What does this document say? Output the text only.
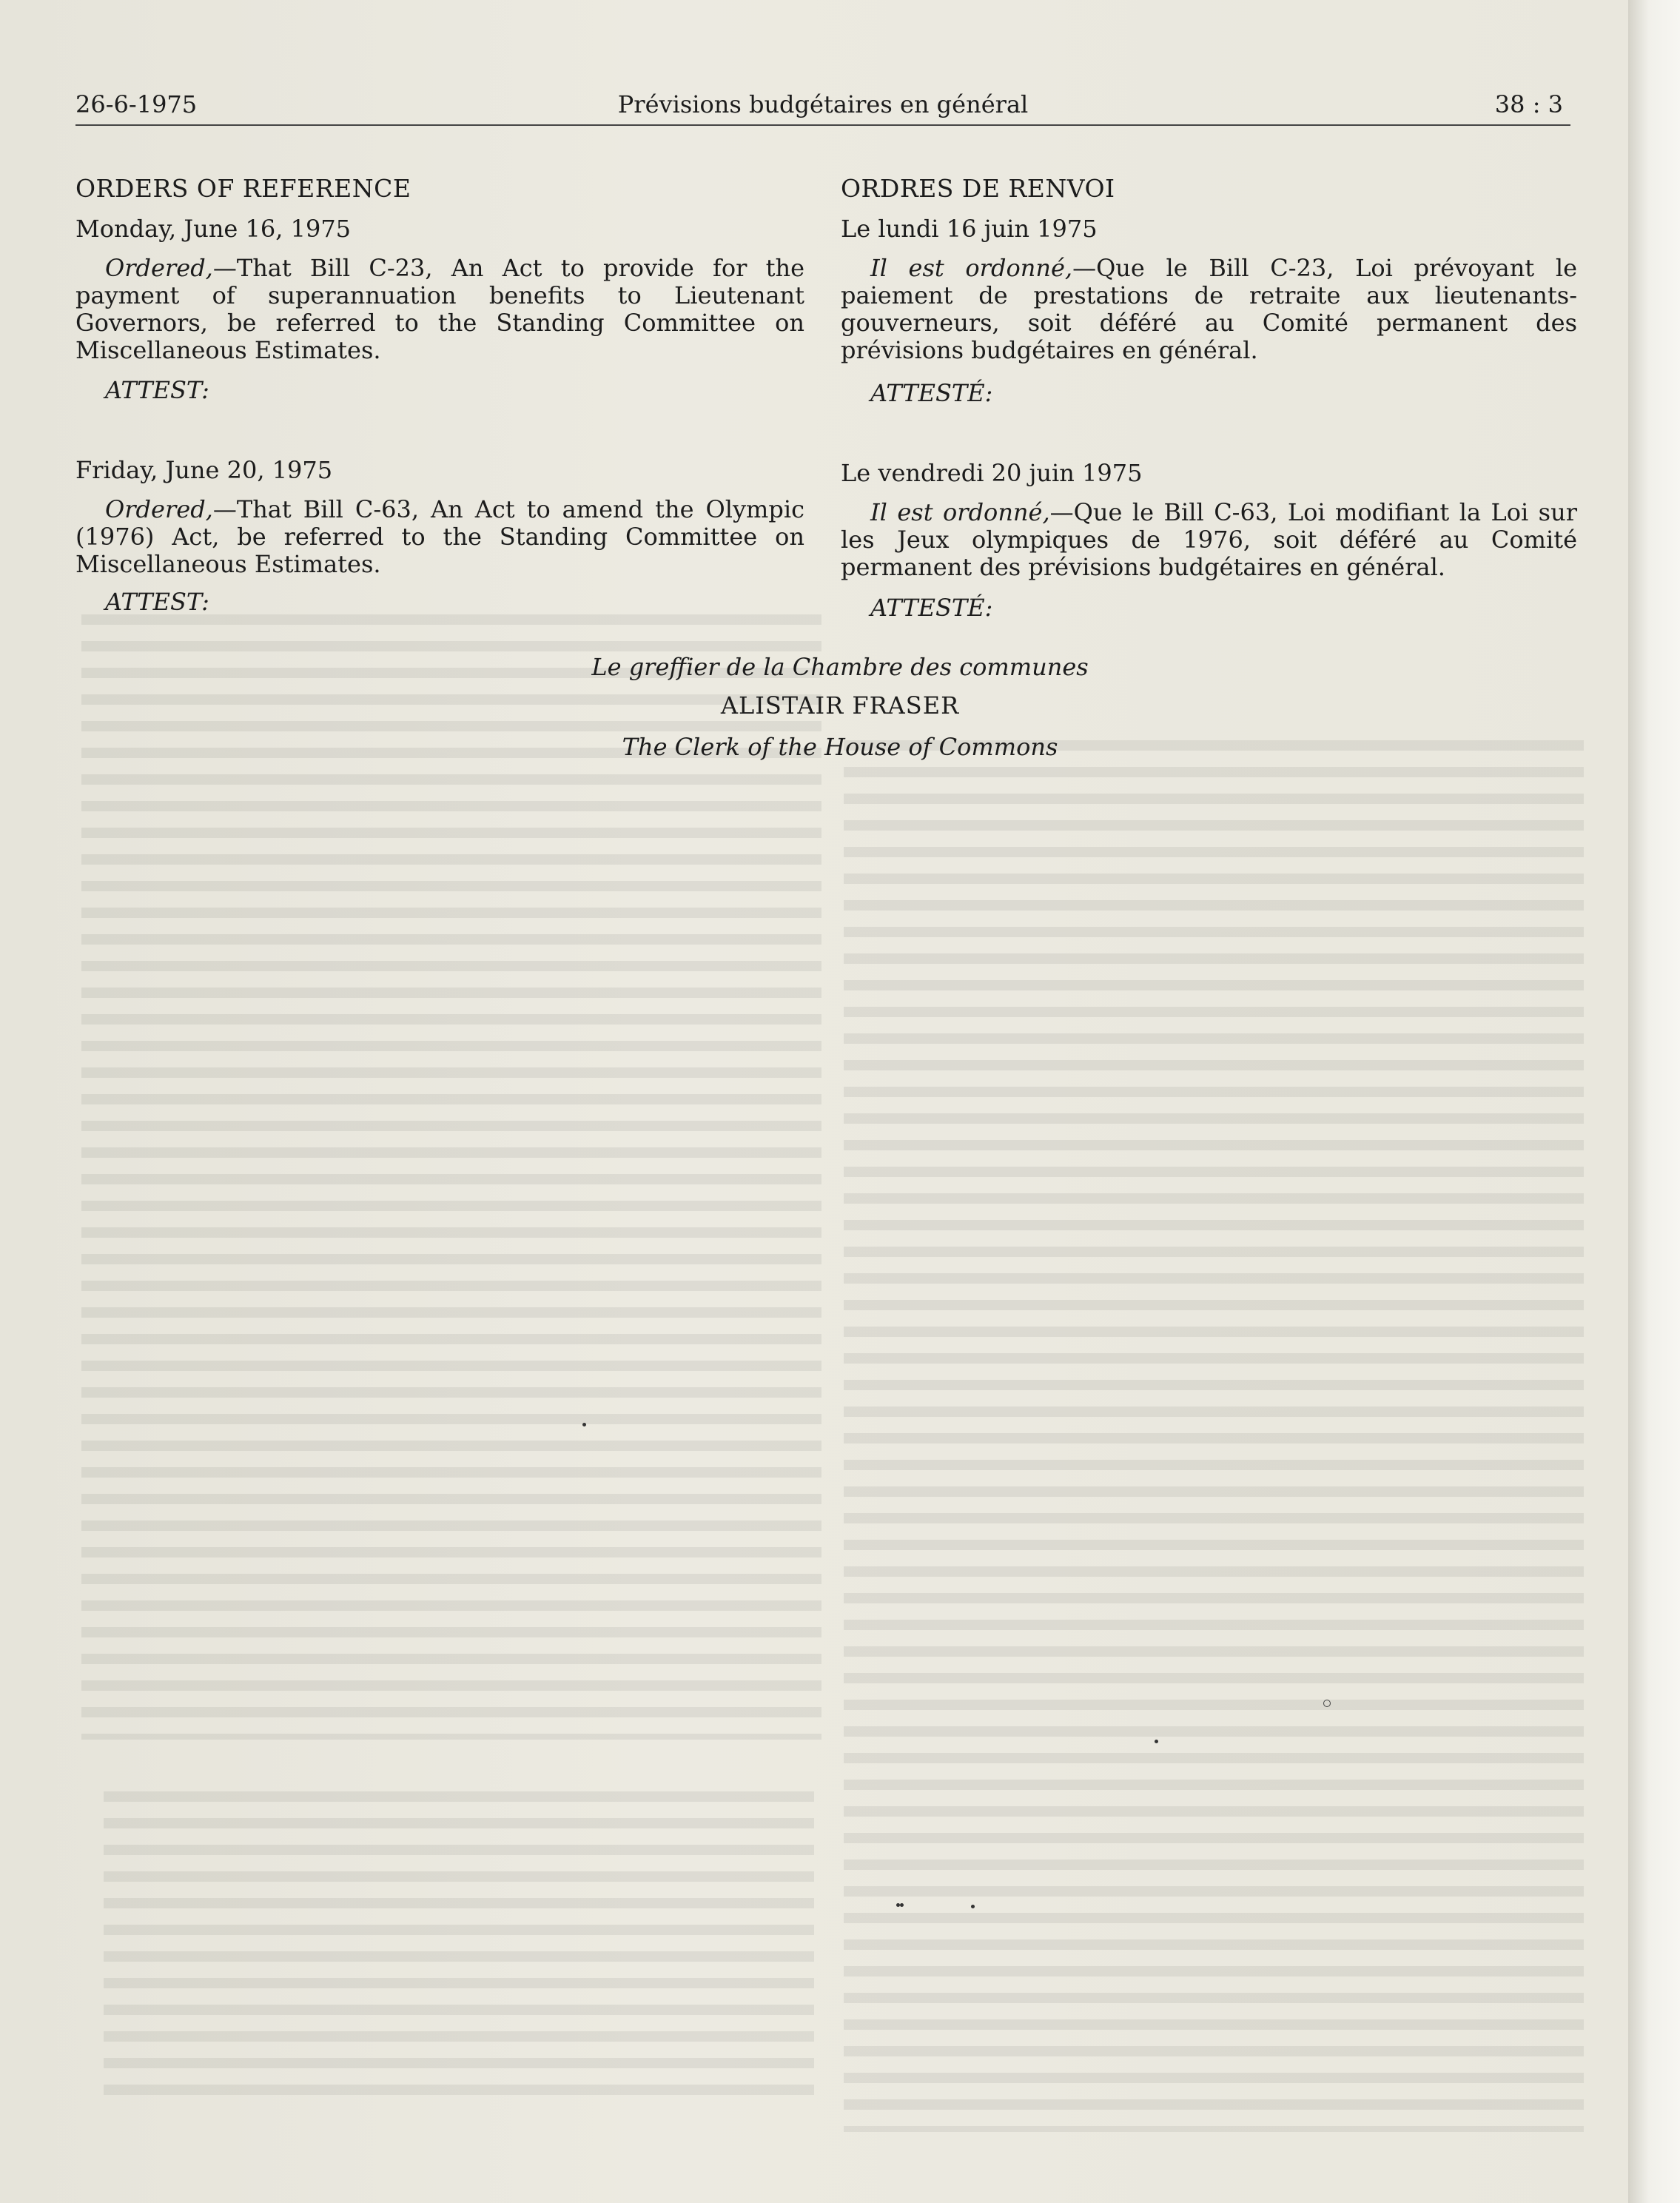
26-6-1975	Prévisions budgétaires en général	38 : 3
ORDERS OF REFERENCE
Monday, June 16, 1975
Ordered,—That Bill C-23, An Act to provide for the payment of superannuation benefits to Lieutenant Governors, be referred to the Standing Committee on Miscellaneous Estimates.
ATTEST:
Friday, June 20, 1975
Ordered,—That Bill C-63, An Act to amend the Olympic (1976) Act, be referred to the Standing Committee on Miscellaneous Estimates.
ATTEST:
ORDRES DE RENVOI
Le lundi 16 juin 1975
Il est ordonné,—Que le Bill C-23, Loi prévoyant le paiement de prestations de retraite aux lieutenants-gouverneurs, soit déféré au Comité permanent des prévisions budgétaires en général.
ATTESTÉ:
Le vendredi 20 juin 1975
Il est ordonné,—Que le Bill C-63, Loi modifiant la Loi sur les Jeux olympiques de 1976, soit déféré au Comité permanent des prévisions budgétaires en général.
ATTESTÉ:
Le greffier de la Chambre des communes
ALISTAIR FRASER
The Clerk of the House of Commons
